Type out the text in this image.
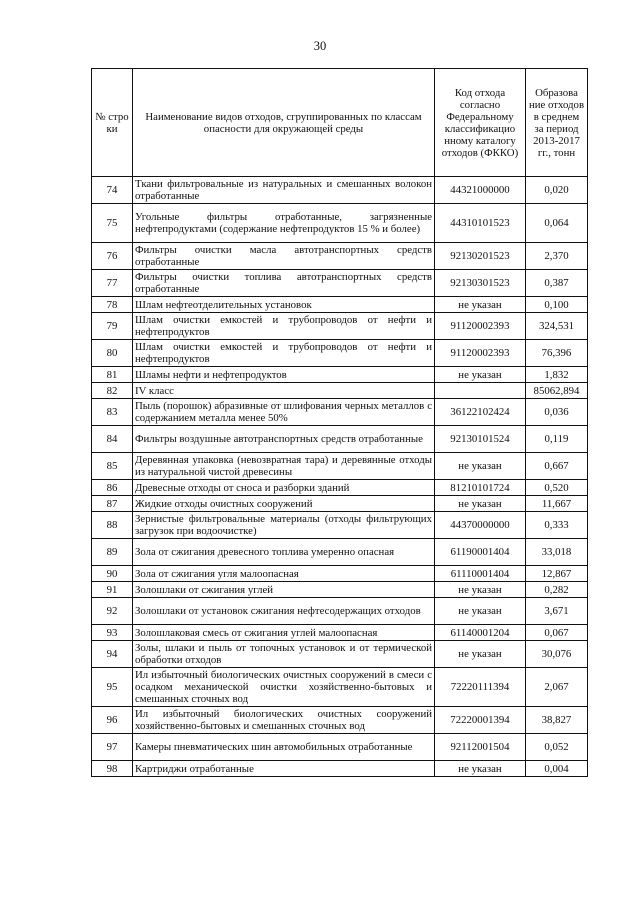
30
№ стро ки	Наименование видов отходов, сгруппированных по классам опасности для окружающей среды	Код отхода согласно Федеральному классификацио нному каталогу отходов (ФККО)	Образова ние отходов в среднем за период 2013-2017 гг., тонн
74	Ткани фильтровальные из натуральных и смешанных волокон отработанные	44321000000	0,020
75	Угольные фильтры отработанные, загрязненные нефтепродуктами (содержание нефтепродуктов 15 % и более)	44310101523	0,064
76	Фильтры очистки масла автотранспортных средств отработанные	92130201523	2,370
77	Фильтры очистки топлива автотранспортных средств отработанные	92130301523	0,387
78	Шлам нефтеотделительных установок	не указан	0,100
79	Шлам очистки емкостей и трубопроводов от нефти и нефтепродуктов	91120002393	324,531
80	Шлам очистки емкостей и трубопроводов от нефти и нефтепродуктов	91120002393	76,396
81	Шламы нефти и нефтепродуктов	не указан	1,832
82	IV класс		85062,894
83	Пыль (порошок) абразивные от шлифования черных металлов с содержанием металла менее 50%	36122102424	0,036
84	Фильтры воздушные автотранспортных средств отработанные	92130101524	0,119
85	Деревянная упаковка (невозвратная тара) и деревянные отходы из натуральной чистой древесины	не указан	0,667
86	Древесные отходы от сноса и разборки зданий	81210101724	0,520
87	Жидкие отходы очистных сооружений	не указан	11,667
88	Зернистые фильтровальные материалы (отходы фильтрующих загрузок при водоочистке)	44370000000	0,333
89	Зола от сжигания древесного топлива умеренно опасная	61190001404	33,018
90	Зола от сжигания угля малоопасная	61110001404	12,867
91	Золошлаки от сжигания углей	не указан	0,282
92	Золошлаки от установок сжигания нефтесодержащих отходов	не указан	3,671
93	Золошлаковая смесь от сжигания углей малоопасная	61140001204	0,067
94	Золы, шлаки и пыль от топочных установок и от термической обработки отходов	не указан	30,076
95	Ил избыточный биологических очистных сооружений в смеси с осадком механической очистки хозяйственно-бытовых и смешанных сточных вод	72220111394	2,067
96	Ил избыточный биологических очистных сооружений хозяйственно-бытовых и смешанных сточных вод	72220001394	38,827
97	Камеры пневматических шин автомобильных отработанные	92112001504	0,052
98	Картриджи отработанные	не указан	0,004
